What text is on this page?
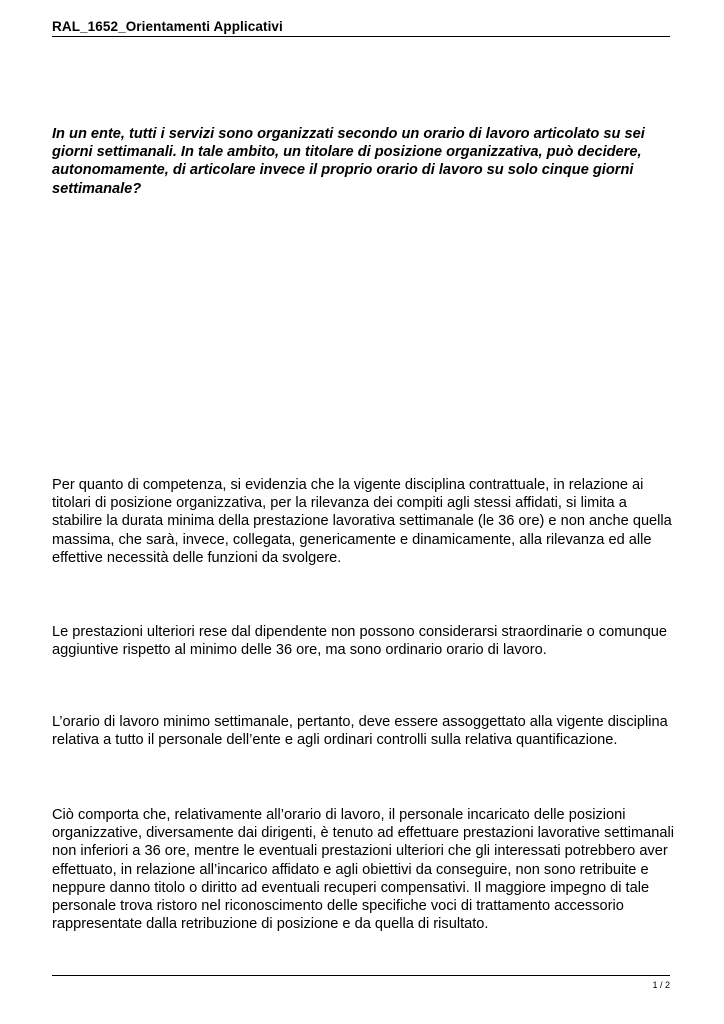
RAL_1652_Orientamenti Applicativi

In un ente, tutti i servizi sono organizzati secondo un orario di lavoro articolato su sei giorni settimanali. In tale ambito, un titolare di posizione organizzativa, può decidere, autonomamente, di articolare invece il proprio orario di lavoro su solo cinque giorni settimanale?

Per quanto di competenza, si evidenzia che la vigente disciplina contrattuale, in relazione ai titolari di posizione organizzativa, per la rilevanza dei compiti agli stessi affidati, si limita a stabilire la durata minima della prestazione lavorativa settimanale (le 36 ore) e non anche quella massima, che sarà, invece, collegata, genericamente e dinamicamente, alla rilevanza ed alle effettive necessità delle funzioni da svolgere.

Le prestazioni ulteriori rese dal dipendente non possono considerarsi straordinarie o comunque aggiuntive rispetto al minimo delle 36 ore, ma sono ordinario orario di lavoro.

L’orario di lavoro minimo settimanale, pertanto, deve essere assoggettato alla vigente disciplina relativa a tutto il personale dell’ente e agli ordinari controlli sulla relativa quantificazione.

Ciò comporta che, relativamente all’orario di lavoro, il personale incaricato delle posizioni organizzative, diversamente dai dirigenti, è tenuto ad effettuare prestazioni lavorative settimanali non inferiori a 36 ore, mentre le eventuali prestazioni ulteriori che gli interessati potrebbero aver effettuato, in relazione all’incarico affidato e agli obiettivi da conseguire, non sono retribuite e neppure danno titolo o diritto ad eventuali recuperi compensativi. Il maggiore impegno di tale personale trova ristoro nel riconoscimento delle specifiche voci di trattamento accessorio rappresentate dalla retribuzione di posizione e da quella di risultato.

1 / 2
